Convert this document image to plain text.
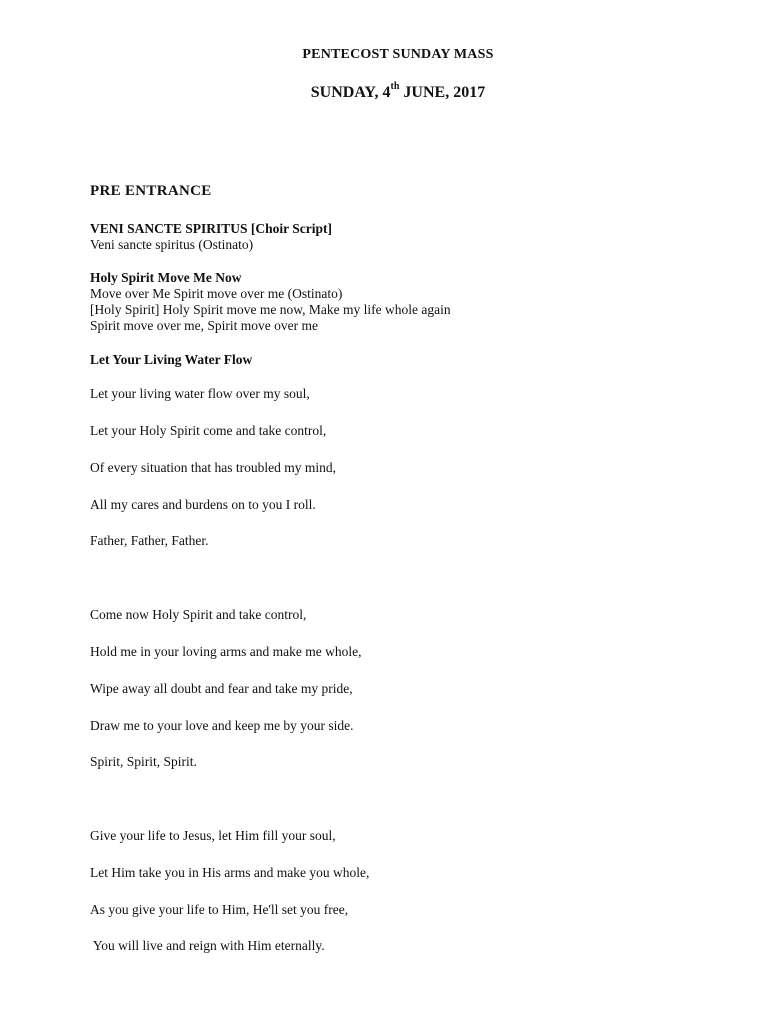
PENTECOST SUNDAY MASS
SUNDAY, 4th JUNE, 2017
PRE ENTRANCE
VENI SANCTE SPIRITUS [Choir Script]
Veni sancte spiritus (Ostinato)
Holy Spirit Move Me Now
Move over Me Spirit move over me (Ostinato)
[Holy Spirit] Holy Spirit move me now, Make my life whole again
Spirit move over me, Spirit move over me
Let Your Living Water Flow
Let your living water flow over my soul,
Let your Holy Spirit come and take control,
Of every situation that has troubled my mind,
All my cares and burdens on to you I roll.
Father, Father, Father.
Come now Holy Spirit and take control,
Hold me in your loving arms and make me whole,
Wipe away all doubt and fear and take my pride,
Draw me to your love and keep me by your side.
Spirit, Spirit, Spirit.
Give your life to Jesus, let Him fill your soul,
Let Him take you in His arms and make you whole,
As you give your life to Him, He'll set you free,
You will live and reign with Him eternally.
